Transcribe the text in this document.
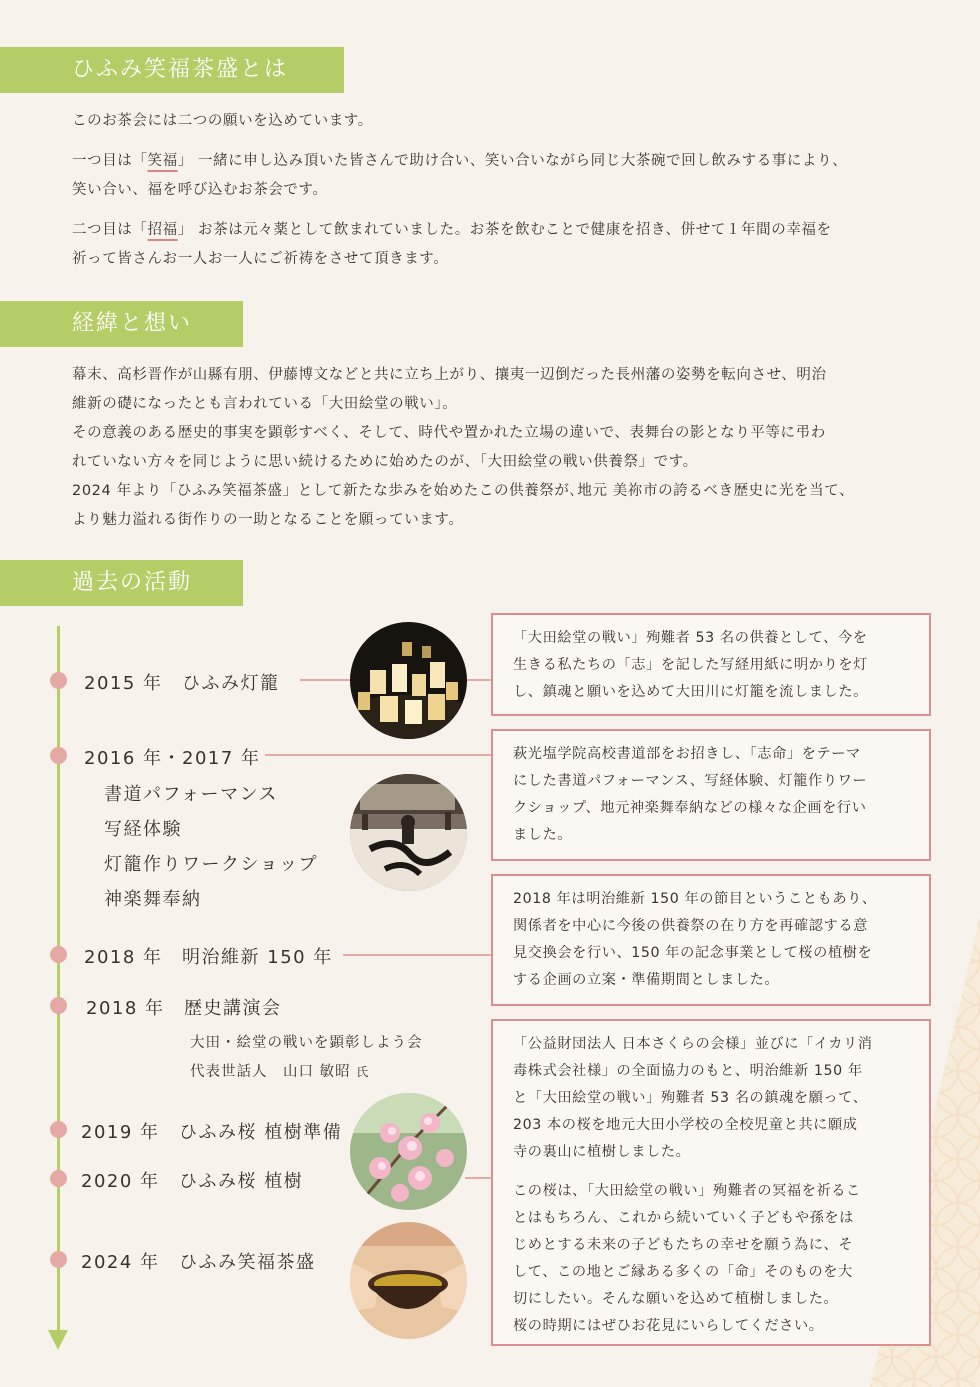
ひふみ笑福茶盛とは

このお茶会には二つの願いを込めています。

一つ目は「笑福」 一緒に申し込み頂いた皆さんで助け合い、笑い合いながら同じ大茶碗で回し飲みする事により、

笑い合い、福を呼び込むお茶会です。

二つ目は「招福」 お茶は元々薬として飲まれていました。お茶を飲むことで健康を招き、併せて１年間の幸福を

祈って皆さんお一人お一人にご祈祷をさせて頂きます。

経緯と想い

幕末、高杉晋作が山縣有朋、伊藤博文などと共に立ち上がり、攘夷一辺倒だった長州藩の姿勢を転向させ、明治

維新の礎になったとも言われている「大田絵堂の戦い」。

その意義のある歴史的事実を顕彰すべく、そして、時代や置かれた立場の違いで、表舞台の影となり平等に弔わ

れていない方々を同じように思い続けるために始めたのが、「大田絵堂の戦い供養祭」です。

2024 年より「ひふみ笑福茶盛」として新たな歩みを始めたこの供養祭が､地元 美祢市の誇るべき歴史に光を当て、

より魅力溢れる街作りの一助となることを願っています。

過去の活動
2015 年　ひふみ灯籠
2016 年・2017 年
書道パフォーマンス
写経体験
灯籠作りワークショップ
神楽舞奉納
2018 年　明治維新 150 年
2018 年　歴史講演会
大田・絵堂の戦いを顕彰しよう会
代表世話人　山口 敏昭 氏
2019 年　ひふみ桜 植樹準備
2020 年　ひふみ桜 植樹
2024 年　ひふみ笑福茶盛

「大田絵堂の戦い」殉難者 53 名の供養として、今を

生きる私たちの「志」を記した写経用紙に明かりを灯

し、鎮魂と願いを込めて大田川に灯籠を流しました。

萩光塩学院高校書道部をお招きし、「志命」をテーマ

にした書道パフォーマンス、写経体験、灯籠作りワー

クショップ、地元神楽舞奉納などの様々な企画を行い

ました。

2018 年は明治維新 150 年の節目ということもあり、

関係者を中心に今後の供養祭の在り方を再確認する意

見交換会を行い、150 年の記念事業として桜の植樹を

する企画の立案・準備期間としました。

「公益財団法人 日本さくらの会様」並びに「イカリ消

毒株式会社様」の全面協力のもと、明治維新 150 年

と「大田絵堂の戦い」殉難者 53 名の鎮魂を願って、

203 本の桜を地元大田小学校の全校児童と共に願成

寺の裏山に植樹しました。

この桜は、「大田絵堂の戦い」殉難者の冥福を祈るこ

とはもちろん、これから続いていく子どもや孫をは

じめとする未来の子どもたちの幸せを願う為に、そ

して、この地とご縁ある多くの「命」そのものを大

切にしたい。そんな願いを込めて植樹しました。

桜の時期にはぜひお花見にいらしてください。
